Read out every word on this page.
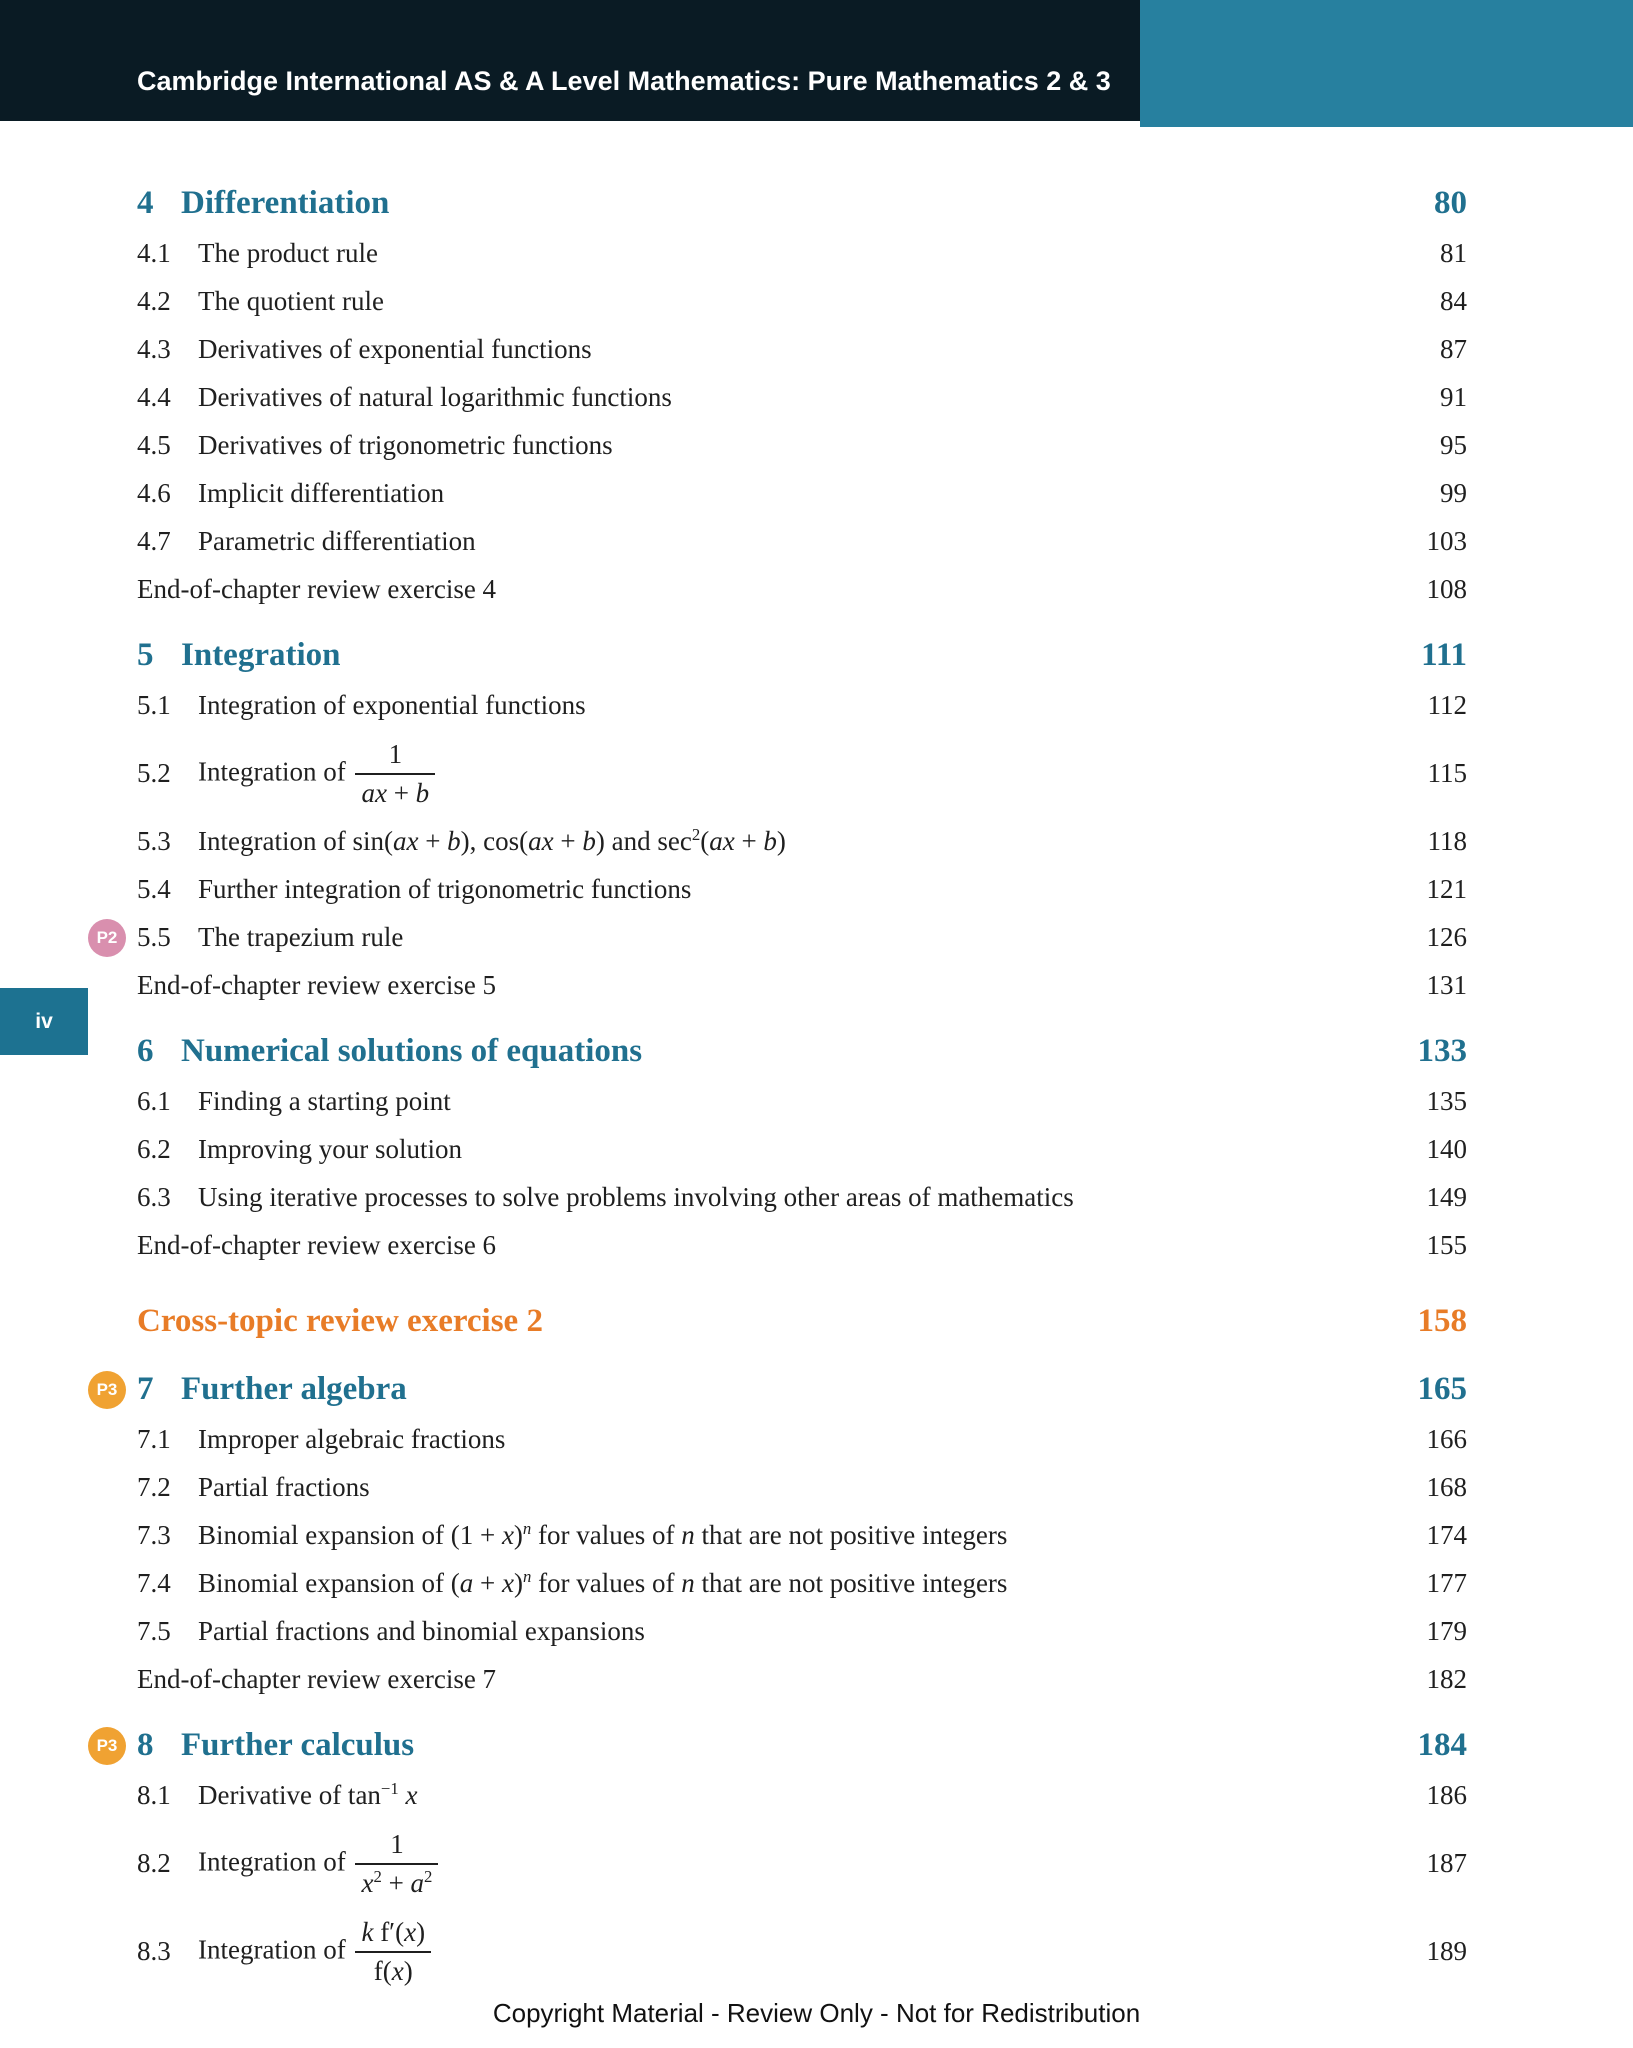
Cambridge International AS & A Level Mathematics: Pure Mathematics 2 & 3
iv
4 Differentiation	80
4.1	The product rule	81
4.2	The quotient rule	84
4.3	Derivatives of exponential functions	87
4.4	Derivatives of natural logarithmic functions	91
4.5	Derivatives of trigonometric functions	95
4.6	Implicit differentiation	99
4.7	Parametric differentiation	103
End-of-chapter review exercise 4	108
5 Integration	111
5.1	Integration of exponential functions	112
5.2	Integration of $\frac{1}{ax + b}$	115
5.3	Integration of sin(ax + b), cos(ax + b) and $\sec^2(ax + b)$	118
5.4	Further integration of trigonometric functions	121
P2 5.5	The trapezium rule	126
End-of-chapter review exercise 5	131
6 Numerical solutions of equations	133
6.1	Finding a starting point	135
6.2	Improving your solution	140
6.3	Using iterative processes to solve problems involving other areas of mathematics	149
End-of-chapter review exercise 6	155
Cross-topic review exercise 2	158
P3 7 Further algebra	165
7.1	Improper algebraic fractions	166
7.2	Partial fractions	168
7.3	Binomial expansion of $(1 + x)^n$ for values of n that are not positive integers	174
7.4	Binomial expansion of $(a + x)^n$ for values of n that are not positive integers	177
7.5	Partial fractions and binomial expansions	179
End-of-chapter review exercise 7	182
P3 8 Further calculus	184
8.1	Derivative of $\tan^{-1} x$	186
8.2	Integration of $\frac{1}{x^2 + a^2}$	187
8.3	Integration of $\frac{\text{k f′(x)}}{f(x)}$	189
Copyright Material - Review Only - Not for Redistribution
